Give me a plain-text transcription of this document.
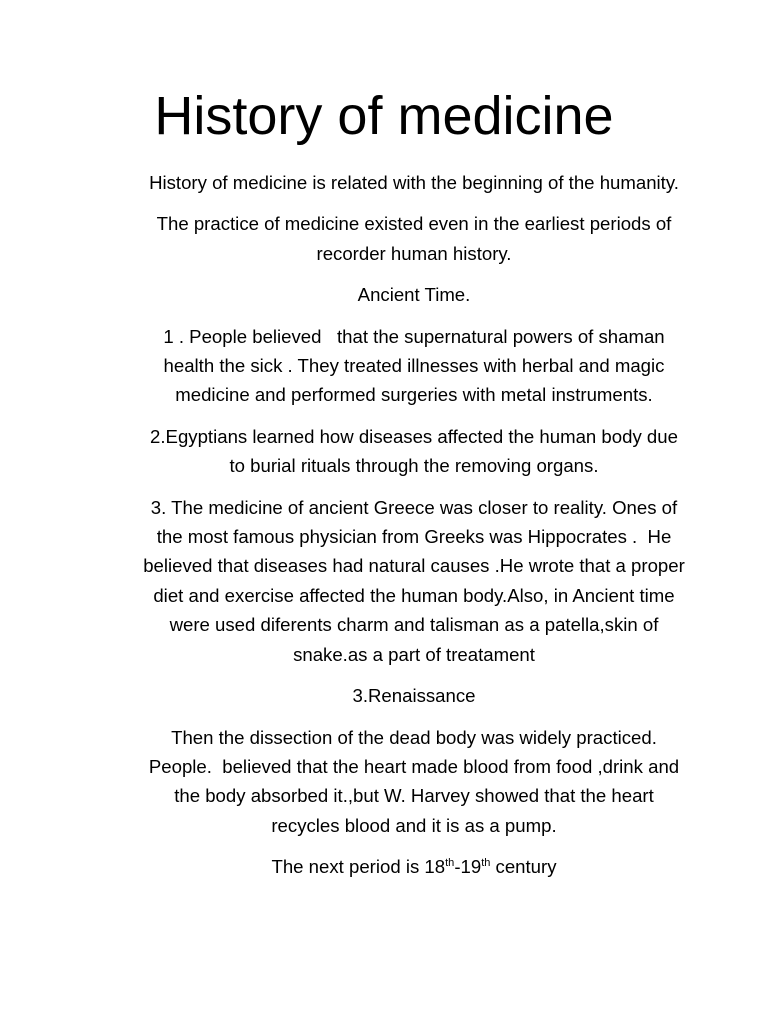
History of medicine

History of medicine is related with the beginning of the humanity.

The practice of medicine existed even in the earliest periods of
recorder human history.

Ancient Time.

1 . People believed   that the supernatural powers of shaman
health the sick . They treated illnesses with herbal and magic
medicine and performed surgeries with metal instruments.

2.Egyptians learned how diseases affected the human body due
to burial rituals through the removing organs.

3. The medicine of ancient Greece was closer to reality. Ones of
the most famous physician from Greeks was Hippocrates .  He
believed that diseases had natural causes .He wrote that a proper
diet and exercise affected the human body.Also, in Ancient time
were used diferents charm and talisman as a patella,skin of
snake.as a part of treatament

3.Renaissance

Then the dissection of the dead body was widely practiced.
People.  believed that the heart made blood from food ,drink and
the body absorbed it.,but W. Harvey showed that the heart
recycles blood and it is as a pump.

The next period is 18th-19th century
